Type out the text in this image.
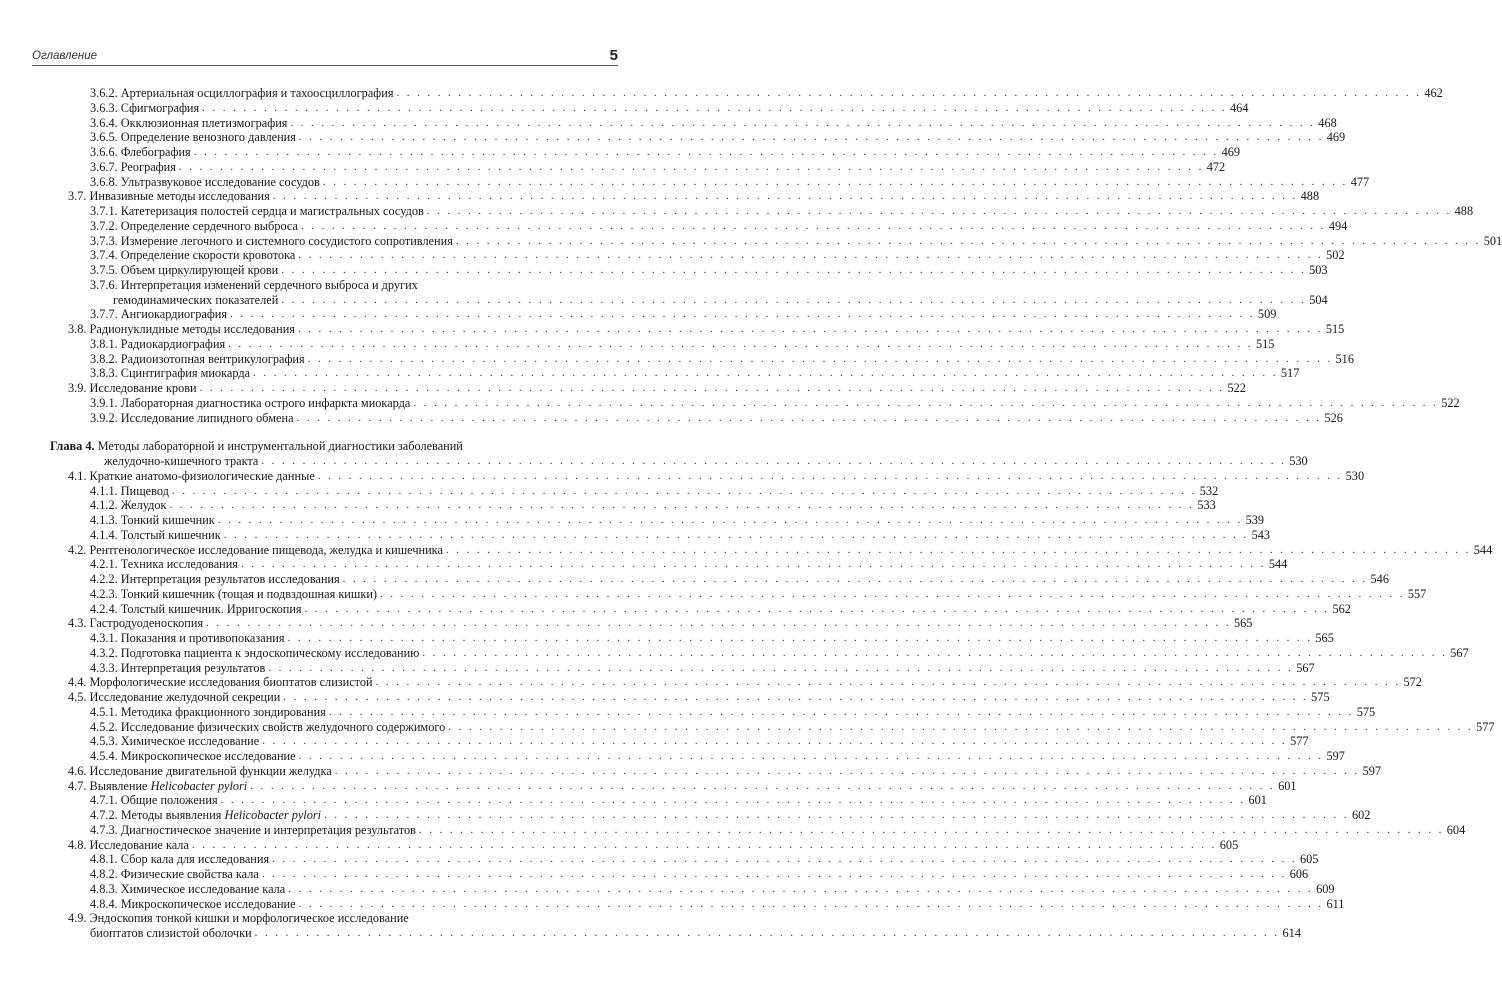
Оглавление	5
3.6.2. Артериальная осциллография и тахоосциллография . . . . . . . . . . . . . . . . . . . . . . . . . . . . . . . . . . . . . . . . . . . . . . . . . . . . . . . . . . . . . . . . . . . . . . . . . . . . . . . . . . . . . . . . . . . . . . . . . . . . 462
3.6.3. Сфигмография . . . . . . . . . . . . . . . . . . . . . . . . . . . . . . . . . . . . . . . . . . . . . . . . . . . . . . . . . . . . . . . . . . . . . . . . . . . . . . . . . . . . . . . . . . . . . . . . . . . . 464
3.6.4. Окклюзионная плетизмография . . . . . . . . . . . . . . . . . . . . . . . . . . . . . . . . . . . . . . . . . . . . . . . . . . . . . . . . . . . . . . . . . . . . . . . . . . . . . . . . . . . . . . . . . . . . . . . . . . . . 468
3.6.5. Определение венозного давления . . . . . . . . . . . . . . . . . . . . . . . . . . . . . . . . . . . . . . . . . . . . . . . . . . . . . . . . . . . . . . . . . . . . . . . . . . . . . . . . . . . . . . . . . . . . . . . . . . . . 469
3.6.6. Флебография . . . . . . . . . . . . . . . . . . . . . . . . . . . . . . . . . . . . . . . . . . . . . . . . . . . . . . . . . . . . . . . . . . . . . . . . . . . . . . . . . . . . . . . . . . . . . . . . . . . . 469
3.6.7. Реография . . . . . . . . . . . . . . . . . . . . . . . . . . . . . . . . . . . . . . . . . . . . . . . . . . . . . . . . . . . . . . . . . . . . . . . . . . . . . . . . . . . . . . . . . . . . . . . . . . . . 472
3.6.8. Ультразвуковое исследование сосудов . . . . . . . . . . . . . . . . . . . . . . . . . . . . . . . . . . . . . . . . . . . . . . . . . . . . . . . . . . . . . . . . . . . . . . . . . . . . . . . . . . . . . . . . . . . . . . . . . . . . 477
3.7. Инвазивные методы исследования . . . . . . . . . . . . . . . . . . . . . . . . . . . . . . . . . . . . . . . . . . . . . . . . . . . . . . . . . . . . . . . . . . . . . . . . . . . . . . . . . . . . . . . . . . . . . . . . . . . . 488
3.7.1. Катетеризация полостей сердца и магистральных сосудов . . . . . . . . . . . . . . . . . . . . . . . . . . . . . . . . . . . . . . . . . . . . . . . . . . . . . . . . . . . . . . . . . . . . . . . . . . . . . . . . . . . . . . . . . . . . . . . . . . . . 488
3.7.2. Определение сердечного выброса . . . . . . . . . . . . . . . . . . . . . . . . . . . . . . . . . . . . . . . . . . . . . . . . . . . . . . . . . . . . . . . . . . . . . . . . . . . . . . . . . . . . . . . . . . . . . . . . . . . . 494
3.7.3. Измерение легочного и системного сосудистого сопротивления . . . . . . . . . . . . . . . . . . . . . . . . . . . . . . . . . . . . . . . . . . . . . . . . . . . . . . . . . . . . . . . . . . . . . . . . . . . . . . . . . . . . . . . . . . . . . . . . . . . . 501
3.7.4. Определение скорости кровотока . . . . . . . . . . . . . . . . . . . . . . . . . . . . . . . . . . . . . . . . . . . . . . . . . . . . . . . . . . . . . . . . . . . . . . . . . . . . . . . . . . . . . . . . . . . . . . . . . . . . 502
3.7.5. Объем циркулирующей крови . . . . . . . . . . . . . . . . . . . . . . . . . . . . . . . . . . . . . . . . . . . . . . . . . . . . . . . . . . . . . . . . . . . . . . . . . . . . . . . . . . . . . . . . . . . . . . . . . . . . 503
3.7.6. Интерпретация изменений сердечного выброса и других
гемодинамических показателей . . . . . . . . . . . . . . . . . . . . . . . . . . . . . . . . . . . . . . . . . . . . . . . . . . . . . . . . . . . . . . . . . . . . . . . . . . . . . . . . . . . . . . . . . . . . . . . . . . . . 504
3.7.7. Ангиокардиография . . . . . . . . . . . . . . . . . . . . . . . . . . . . . . . . . . . . . . . . . . . . . . . . . . . . . . . . . . . . . . . . . . . . . . . . . . . . . . . . . . . . . . . . . . . . . . . . . . . . 509
3.8. Радионуклидные методы исследования . . . . . . . . . . . . . . . . . . . . . . . . . . . . . . . . . . . . . . . . . . . . . . . . . . . . . . . . . . . . . . . . . . . . . . . . . . . . . . . . . . . . . . . . . . . . . . . . . . . . 515
3.8.1. Радиокардиография . . . . . . . . . . . . . . . . . . . . . . . . . . . . . . . . . . . . . . . . . . . . . . . . . . . . . . . . . . . . . . . . . . . . . . . . . . . . . . . . . . . . . . . . . . . . . . . . . . . . 515
3.8.2. Радиоизотопная вентрикулография . . . . . . . . . . . . . . . . . . . . . . . . . . . . . . . . . . . . . . . . . . . . . . . . . . . . . . . . . . . . . . . . . . . . . . . . . . . . . . . . . . . . . . . . . . . . . . . . . . . . 516
3.8.3. Сцинтиграфия миокарда . . . . . . . . . . . . . . . . . . . . . . . . . . . . . . . . . . . . . . . . . . . . . . . . . . . . . . . . . . . . . . . . . . . . . . . . . . . . . . . . . . . . . . . . . . . . . . . . . . . . 517
3.9. Исследование крови . . . . . . . . . . . . . . . . . . . . . . . . . . . . . . . . . . . . . . . . . . . . . . . . . . . . . . . . . . . . . . . . . . . . . . . . . . . . . . . . . . . . . . . . . . . . . . . . . . . . 522
3.9.1. Лабораторная диагностика острого инфаркта миокарда . . . . . . . . . . . . . . . . . . . . . . . . . . . . . . . . . . . . . . . . . . . . . . . . . . . . . . . . . . . . . . . . . . . . . . . . . . . . . . . . . . . . . . . . . . . . . . . . . . . . 522
3.9.2. Исследование липидного обмена . . . . . . . . . . . . . . . . . . . . . . . . . . . . . . . . . . . . . . . . . . . . . . . . . . . . . . . . . . . . . . . . . . . . . . . . . . . . . . . . . . . . . . . . . . . . . . . . . . . . 526
Глава 4. Методы лабораторной и инструментальной диагностики заболеваний
желудочно-кишечного тракта . . . . . . . . . . . . . . . . . . . . . . . . . . . . . . . . . . . . . . . . . . . . . . . . . . . . . . . . . . . . . . . . . . . . . . . . . . . . . . . . . . . . . . . . . . . . . . . . . . . . 530
4.1. Краткие анатомо-физиологические данные . . . . . . . . . . . . . . . . . . . . . . . . . . . . . . . . . . . . . . . . . . . . . . . . . . . . . . . . . . . . . . . . . . . . . . . . . . . . . . . . . . . . . . . . . . . . . . . . . . . . 530
4.1.1. Пищевод . . . . . . . . . . . . . . . . . . . . . . . . . . . . . . . . . . . . . . . . . . . . . . . . . . . . . . . . . . . . . . . . . . . . . . . . . . . . . . . . . . . . . . . . . . . . . . . . . . . . 532
4.1.2. Желудок . . . . . . . . . . . . . . . . . . . . . . . . . . . . . . . . . . . . . . . . . . . . . . . . . . . . . . . . . . . . . . . . . . . . . . . . . . . . . . . . . . . . . . . . . . . . . . . . . . . . 533
4.1.3. Тонкий кишечник . . . . . . . . . . . . . . . . . . . . . . . . . . . . . . . . . . . . . . . . . . . . . . . . . . . . . . . . . . . . . . . . . . . . . . . . . . . . . . . . . . . . . . . . . . . . . . . . . . . . 539
4.1.4. Толстый кишечник . . . . . . . . . . . . . . . . . . . . . . . . . . . . . . . . . . . . . . . . . . . . . . . . . . . . . . . . . . . . . . . . . . . . . . . . . . . . . . . . . . . . . . . . . . . . . . . . . . . . 543
4.2. Рентгенологическое исследование пищевода, желудка и кишечника . . . . . . . . . . . . . . . . . . . . . . . . . . . . . . . . . . . . . . . . . . . . . . . . . . . . . . . . . . . . . . . . . . . . . . . . . . . . . . . . . . . . . . . . . . . . . . . . . . . . 544
4.2.1. Техника исследования . . . . . . . . . . . . . . . . . . . . . . . . . . . . . . . . . . . . . . . . . . . . . . . . . . . . . . . . . . . . . . . . . . . . . . . . . . . . . . . . . . . . . . . . . . . . . . . . . . . . 544
4.2.2. Интерпретация результатов исследования . . . . . . . . . . . . . . . . . . . . . . . . . . . . . . . . . . . . . . . . . . . . . . . . . . . . . . . . . . . . . . . . . . . . . . . . . . . . . . . . . . . . . . . . . . . . . . . . . . . . 546
4.2.3. Тонкий кишечник (тощая и подвздошная кишки) . . . . . . . . . . . . . . . . . . . . . . . . . . . . . . . . . . . . . . . . . . . . . . . . . . . . . . . . . . . . . . . . . . . . . . . . . . . . . . . . . . . . . . . . . . . . . . . . . . . . 557
4.2.4. Толстый кишечник. Ирригоскопия . . . . . . . . . . . . . . . . . . . . . . . . . . . . . . . . . . . . . . . . . . . . . . . . . . . . . . . . . . . . . . . . . . . . . . . . . . . . . . . . . . . . . . . . . . . . . . . . . . . . 562
4.3. Гастродуоденоскопия . . . . . . . . . . . . . . . . . . . . . . . . . . . . . . . . . . . . . . . . . . . . . . . . . . . . . . . . . . . . . . . . . . . . . . . . . . . . . . . . . . . . . . . . . . . . . . . . . . . . 565
4.3.1. Показания и противопоказания . . . . . . . . . . . . . . . . . . . . . . . . . . . . . . . . . . . . . . . . . . . . . . . . . . . . . . . . . . . . . . . . . . . . . . . . . . . . . . . . . . . . . . . . . . . . . . . . . . . . 565
4.3.2. Подготовка пациента к эндоскопическому исследованию . . . . . . . . . . . . . . . . . . . . . . . . . . . . . . . . . . . . . . . . . . . . . . . . . . . . . . . . . . . . . . . . . . . . . . . . . . . . . . . . . . . . . . . . . . . . . . . . . . . . 567
4.3.3. Интерпретация результатов . . . . . . . . . . . . . . . . . . . . . . . . . . . . . . . . . . . . . . . . . . . . . . . . . . . . . . . . . . . . . . . . . . . . . . . . . . . . . . . . . . . . . . . . . . . . . . . . . . . . 567
4.4. Морфологические исследования биоптатов слизистой . . . . . . . . . . . . . . . . . . . . . . . . . . . . . . . . . . . . . . . . . . . . . . . . . . . . . . . . . . . . . . . . . . . . . . . . . . . . . . . . . . . . . . . . . . . . . . . . . . . . 572
4.5. Исследование желудочной секреции . . . . . . . . . . . . . . . . . . . . . . . . . . . . . . . . . . . . . . . . . . . . . . . . . . . . . . . . . . . . . . . . . . . . . . . . . . . . . . . . . . . . . . . . . . . . . . . . . . . . 575
4.5.1. Методика фракционного зондирования . . . . . . . . . . . . . . . . . . . . . . . . . . . . . . . . . . . . . . . . . . . . . . . . . . . . . . . . . . . . . . . . . . . . . . . . . . . . . . . . . . . . . . . . . . . . . . . . . . . . 575
4.5.2. Исследование физических свойств желудочного содержимого . . . . . . . . . . . . . . . . . . . . . . . . . . . . . . . . . . . . . . . . . . . . . . . . . . . . . . . . . . . . . . . . . . . . . . . . . . . . . . . . . . . . . . . . . . . . . . . . . . . . 577
4.5.3. Химическое исследование . . . . . . . . . . . . . . . . . . . . . . . . . . . . . . . . . . . . . . . . . . . . . . . . . . . . . . . . . . . . . . . . . . . . . . . . . . . . . . . . . . . . . . . . . . . . . . . . . . . . 577
4.5.4. Микроскопическое исследование . . . . . . . . . . . . . . . . . . . . . . . . . . . . . . . . . . . . . . . . . . . . . . . . . . . . . . . . . . . . . . . . . . . . . . . . . . . . . . . . . . . . . . . . . . . . . . . . . . . . 597
4.6. Исследование двигательной функции желудка . . . . . . . . . . . . . . . . . . . . . . . . . . . . . . . . . . . . . . . . . . . . . . . . . . . . . . . . . . . . . . . . . . . . . . . . . . . . . . . . . . . . . . . . . . . . . . . . . . . . 597
4.7. Выявление Helicobacter pylori . . . . . . . . . . . . . . . . . . . . . . . . . . . . . . . . . . . . . . . . . . . . . . . . . . . . . . . . . . . . . . . . . . . . . . . . . . . . . . . . . . . . . . . . . . . . . . . . . . . . 601
4.7.1. Общие положения . . . . . . . . . . . . . . . . . . . . . . . . . . . . . . . . . . . . . . . . . . . . . . . . . . . . . . . . . . . . . . . . . . . . . . . . . . . . . . . . . . . . . . . . . . . . . . . . . . . . 601
4.7.2. Методы выявления Helicobacter pylori . . . . . . . . . . . . . . . . . . . . . . . . . . . . . . . . . . . . . . . . . . . . . . . . . . . . . . . . . . . . . . . . . . . . . . . . . . . . . . . . . . . . . . . . . . . . . . . . . . . . 602
4.7.3. Диагностическое значение и интерпретация результатов . . . . . . . . . . . . . . . . . . . . . . . . . . . . . . . . . . . . . . . . . . . . . . . . . . . . . . . . . . . . . . . . . . . . . . . . . . . . . . . . . . . . . . . . . . . . . . . . . . . . 604
4.8. Исследование кала . . . . . . . . . . . . . . . . . . . . . . . . . . . . . . . . . . . . . . . . . . . . . . . . . . . . . . . . . . . . . . . . . . . . . . . . . . . . . . . . . . . . . . . . . . . . . . . . . . . . 605
4.8.1. Сбор кала для исследования . . . . . . . . . . . . . . . . . . . . . . . . . . . . . . . . . . . . . . . . . . . . . . . . . . . . . . . . . . . . . . . . . . . . . . . . . . . . . . . . . . . . . . . . . . . . . . . . . . . . 605
4.8.2. Физические свойства кала . . . . . . . . . . . . . . . . . . . . . . . . . . . . . . . . . . . . . . . . . . . . . . . . . . . . . . . . . . . . . . . . . . . . . . . . . . . . . . . . . . . . . . . . . . . . . . . . . . . . 606
4.8.3. Химическое исследование кала . . . . . . . . . . . . . . . . . . . . . . . . . . . . . . . . . . . . . . . . . . . . . . . . . . . . . . . . . . . . . . . . . . . . . . . . . . . . . . . . . . . . . . . . . . . . . . . . . . . . 609
4.8.4. Микроскопическое исследование . . . . . . . . . . . . . . . . . . . . . . . . . . . . . . . . . . . . . . . . . . . . . . . . . . . . . . . . . . . . . . . . . . . . . . . . . . . . . . . . . . . . . . . . . . . . . . . . . . . . 611
4.9. Эндоскопия тонкой кишки и морфологическое исследование
биоптатов слизистой оболочки . . . . . . . . . . . . . . . . . . . . . . . . . . . . . . . . . . . . . . . . . . . . . . . . . . . . . . . . . . . . . . . . . . . . . . . . . . . . . . . . . . . . . . . . . . . . . . . . . . . . 614
